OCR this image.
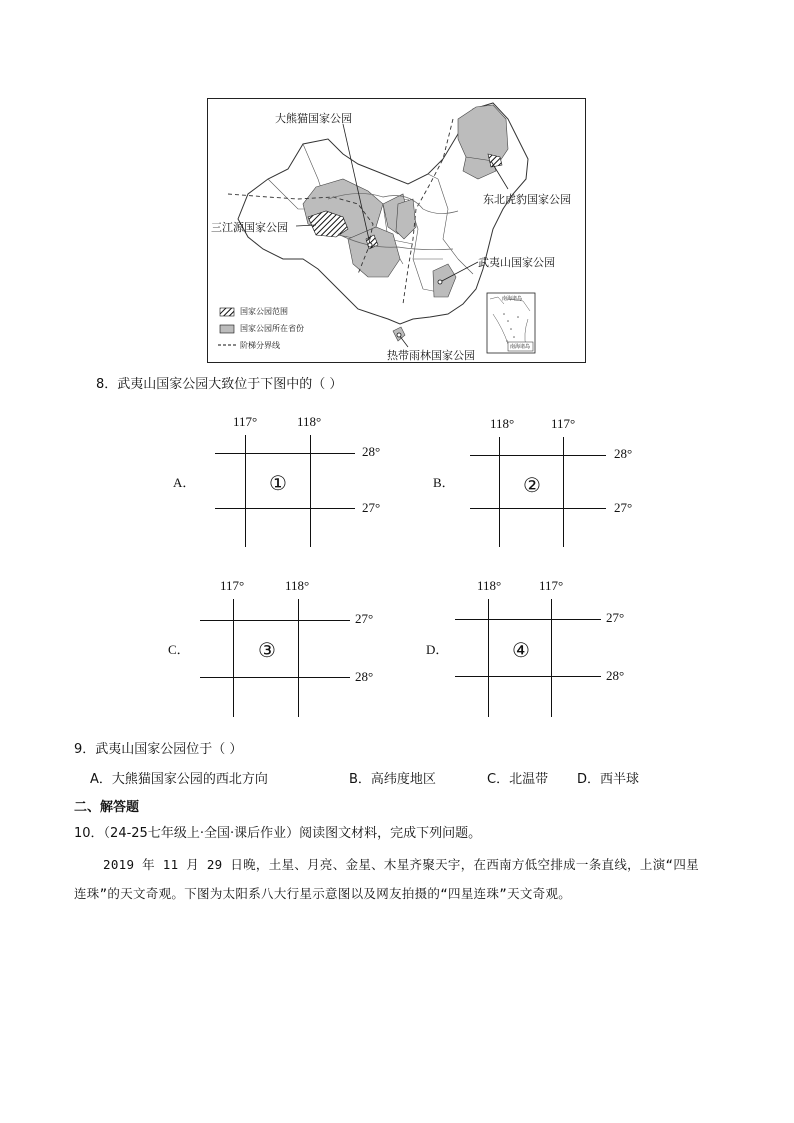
大熊猫国家公园
东北虎豹国家公园
三江源国家公园
武夷山国家公园
热带雨林国家公园
国家公园范围
国家公园所在省份
阶梯分界线
南海诸岛
南海诸岛
8．武夷山国家公园大致位于下图中的（ ）
A．
117°	118°
28°
27°
①	B．
118°	117°
28°
27°
②
C．
117°	118°
27°
28°
③	D．
118°	117°
27°
28°
④
9．武夷山国家公园位于（ ）
A．大熊猫国家公园的西北方向	B．高纬度地区	C．北温带 D．西半球
二、解答题
10．（24-25七年级上·全国·课后作业）阅读图文材料，完成下列问题。
2019 年 11 月 29 日晚，土星、月亮、金星、木星齐聚天宇，在西南方低空排成一条直线，上演“四星
连珠”的天文奇观。下图为太阳系八大行星示意图以及网友拍摄的“四星连珠”天文奇观。
